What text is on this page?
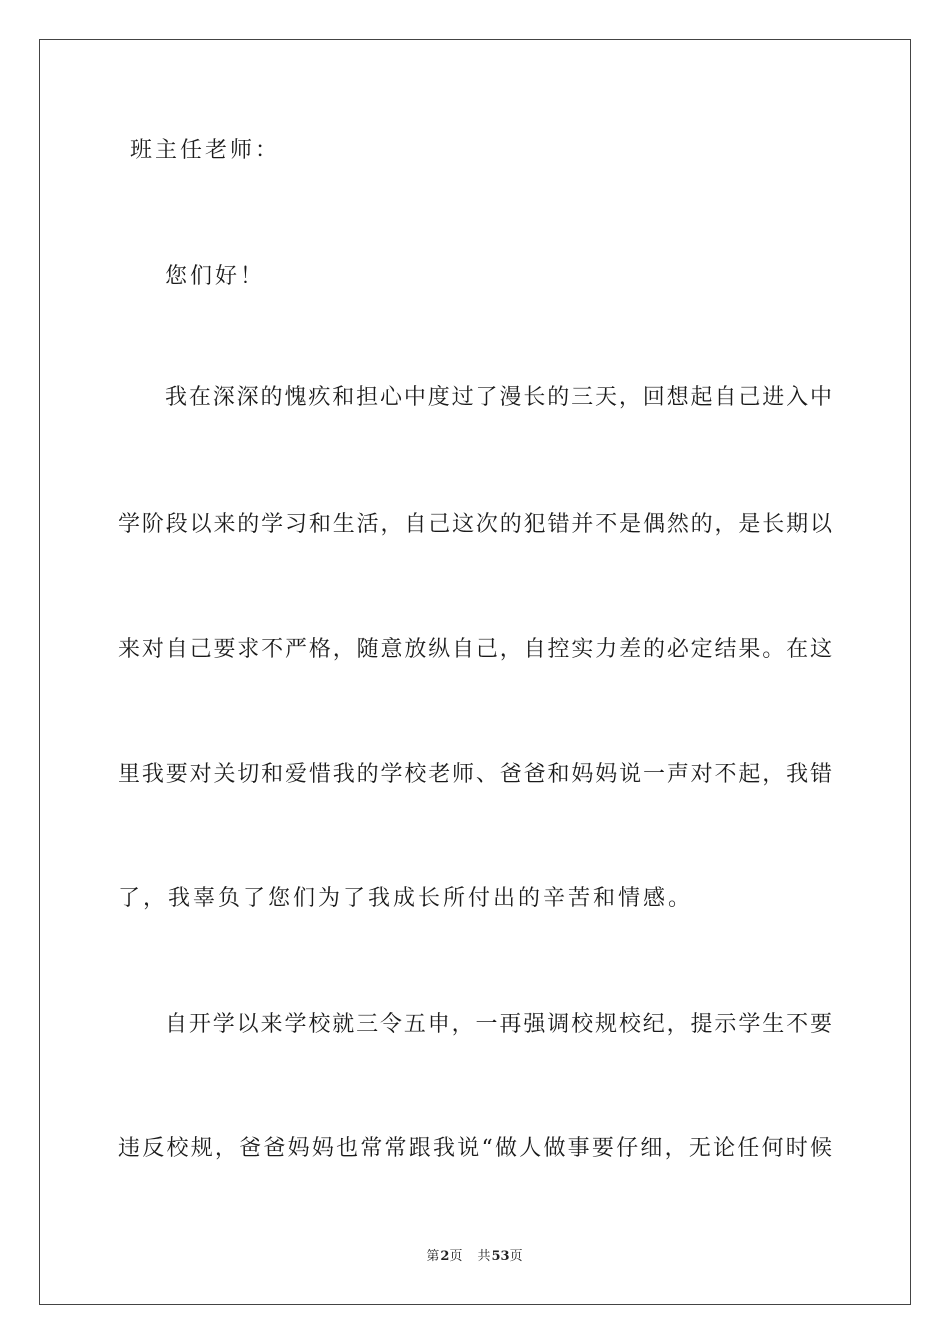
班主任老师：
您们好！
我在深深的愧疚和担心中度过了漫长的三天，回想起自己进入中
学阶段以来的学习和生活，自己这次的犯错并不是偶然的，是长期以
来对自己要求不严格，随意放纵自己，自控实力差的必定结果。在这
里我要对关切和爱惜我的学校老师、爸爸和妈妈说一声对不起，我错
了，我辜负了您们为了我成长所付出的辛苦和情感。
自开学以来学校就三令五申，一再强调校规校纪，提示学生不要
违反校规，爸爸妈妈也常常跟我说“做人做事要仔细，无论任何时候
第2页 共53页
